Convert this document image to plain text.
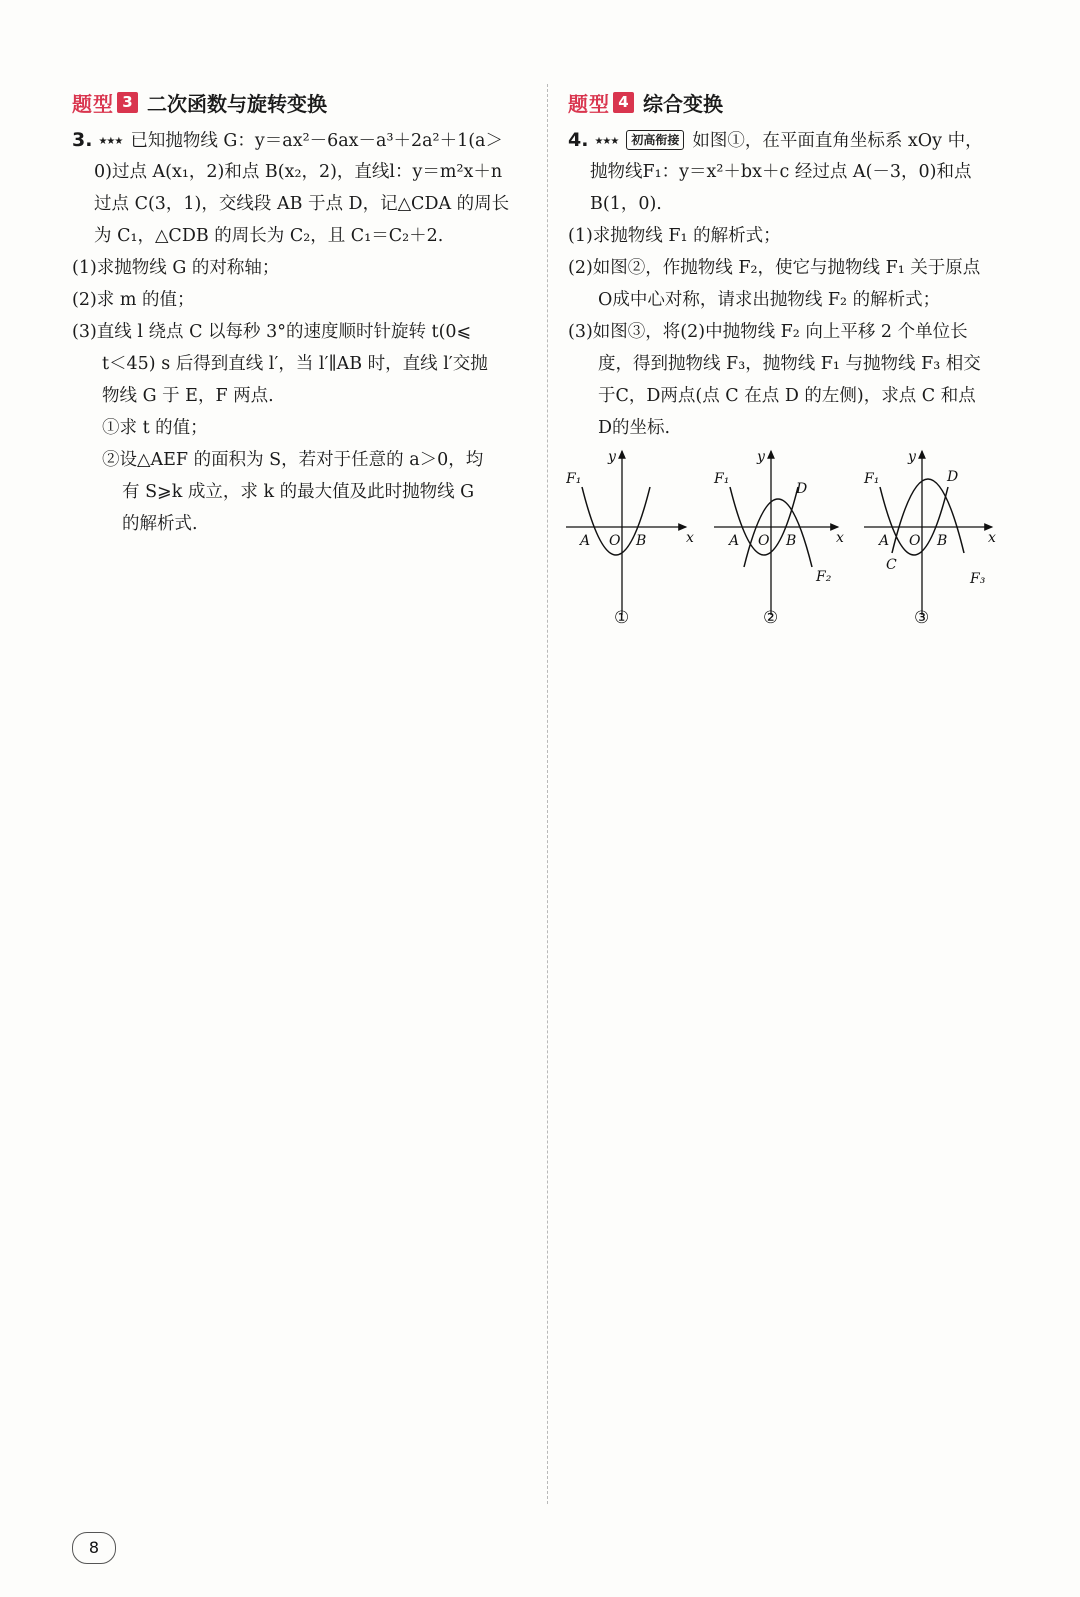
题型 3 二次函数与旋转变换
3. ★★★ 已知抛物线 G：y＝ax²－6ax－a³＋2a²＋1(a＞
0)过点 A(x₁，2)和点 B(x₂，2)，直线l：y＝m²x＋n
过点 C(3，1)，交线段 AB 于点 D，记△CDA 的周长
为 C₁，△CDB 的周长为 C₂，且 C₁＝C₂＋2.
(1)求抛物线 G 的对称轴；
(2)求 m 的值；
(3)直线 l 绕点 C 以每秒 3°的速度顺时针旋转 t(0⩽
t＜45) s 后得到直线 l′，当 l′∥AB 时，直线 l′交抛
物线 G 于 E，F 两点.
①求 t 的值；
②设△AEF 的面积为 S，若对于任意的 a＞0，均
有 S⩾k 成立，求 k 的最大值及此时抛物线 G
的解析式.
题型 4 综合变换
4. ★★★ 初高衔接 如图①，在平面直角坐标系 xOy 中，
抛物线F₁：y＝x²＋bx＋c 经过点 A(－3，0)和点
B(1，0).
(1)求抛物线 F₁ 的解析式；
(2)如图②，作抛物线 F₂，使它与抛物线 F₁ 关于原点
O成中心对称，请求出抛物线 F₂ 的解析式；
(3)如图③，将(2)中抛物线 F₂ 向上平移 2 个单位长
度，得到抛物线 F₃，抛物线 F₁ 与抛物线 F₃ 相交
于C，D两点(点 C 在点 D 的左侧)，求点 C 和点
D的坐标.
y
x
A O B
F₁
①
y
x
A O B
F₁
F₂
D
②
y
x
A O B
F₁
F₃
C
D
③
8
